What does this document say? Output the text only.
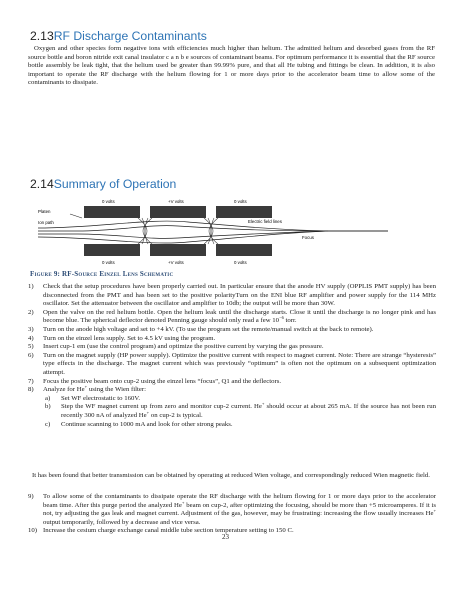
2.13RF Discharge Contaminants

Oxygen and other species form negative ions with efficiencies much higher than helium. The admitted helium and desorbed gases from the RF source bottle and boron nitride exit canal insulator c a n b e sources of contaminant beams. For optimum performance it is essential that the RF source bottle assembly be leak tight, that the helium used be greater than 99.99% pure, and that all He tubing and fittings be clean. In addition, it is also important to operate the RF discharge with the helium flowing for 1 or more days prior to the accelerator beam time to allow some of the contaminants to dissipate.

2.14Summary of Operation
Platen
Ion path	Electric field lines
Focus
0 volts	+V volts	0 volts
0 volts	+V volts	0 volts
Figure 9: RF-Source Einzel Lens Schematic
1) Check that the setup procedures have been properly carried out. In particular ensure that the anode HV supply (OPPLIS PMT supply) has been disconnected from the PMT and has been set to the positive polarityTurn on the ENI blue RF amplifier and power supply for the 114 MHz oscillator. Set the attenuator between the oscillator and amplifier to 10db; the output will be more than 30W.
2) Open the valve on the red helium bottle. Open the helium leak until the discharge starts. Close it until the discharge is no longer pink and has become blue. The spherical deflector denoted Penning gauge should only read a few $10^{-6}$ torr.
3) Turn on the anode high voltage and set to +4 kV. (To use the program set the remote/manual switch at the back to remote).
4) Turn on the einzel lens supply. Set to 4.5 kV using the program.
5) Insert cup-1 em (use the control program) and optimize the positive current by varying the gas pressure.
6) Turn on the magnet supply (HP power supply). Optimize the positive current with respect to magnet current. Note: There are strange “hysteresis” type effects in the discharge. The magnet current which was previously “optimum” is often not the optimum on a subsequent optimization attempt.
7) Focus the positive beam onto cup-2 using the einzel lens “focus”, Q1 and the deflectors.
8) Analyze for He+ using the Wien filter:
a) Set WF electrostatic to 160V.
b) Step the WF magnet current up from zero and monitor cup-2 current. He+ should occur at about 265 mA. If the source has not been run recently 300 nA of analyzed He+ on cup-2 is typical.
c) Continue scanning to 1000 mA and look for other strong peaks.

It has been found that better transmission can be obtained by operating at reduced Wien voltage, and correspondingly reduced Wien magnetic field.

9) To allow some of the contaminants to dissipate operate the RF discharge with the helium flowing for 1 or more days prior to the accelerator beam time. After this purge period the analyzed He+ beam on cup-2, after optimizing the focusing, should be more than +5 microamperes. If it is not, try adjusting the gas leak and magnet current. Adjustment of the gas, however, may be frustrating: increasing the flow usually increases He+ output temporarily, followed by a decrease and vice versa.
10) Increase the cesium charge exchange canal middle tube section temperature setting to 150 C.
23
